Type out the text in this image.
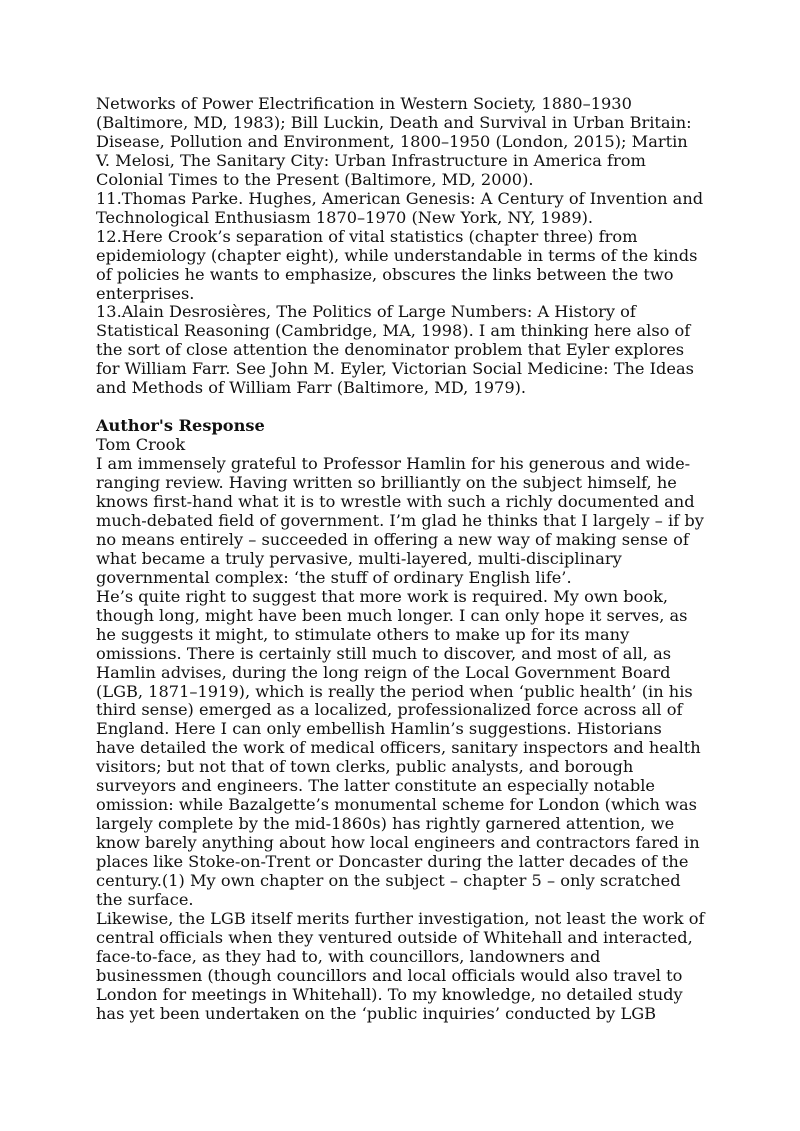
Networks of Power Electrification in Western Society, 1880–1930
(Baltimore, MD, 1983); Bill Luckin, Death and Survival in Urban Britain:
Disease, Pollution and Environment, 1800–1950 (London, 2015); Martin
V. Melosi, The Sanitary City: Urban Infrastructure in America from
Colonial Times to the Present (Baltimore, MD, 2000).

11.Thomas Parke. Hughes, American Genesis: A Century of Invention and
Technological Enthusiasm 1870–1970 (New York, NY, 1989).

12.Here Crook’s separation of vital statistics (chapter three) from
epidemiology (chapter eight), while understandable in terms of the kinds
of policies he wants to emphasize, obscures the links between the two
enterprises.

13.Alain Desrosières, The Politics of Large Numbers: A History of
Statistical Reasoning (Cambridge, MA, 1998). I am thinking here also of
the sort of close attention the denominator problem that Eyler explores
for William Farr. See John M. Eyler, Victorian Social Medicine: The Ideas
and Methods of William Farr (Baltimore, MD, 1979).

Author's Response

Tom Crook

I am immensely grateful to Professor Hamlin for his generous and wide-
ranging review. Having written so brilliantly on the subject himself, he
knows first-hand what it is to wrestle with such a richly documented and
much-debated field of government. I’m glad he thinks that I largely – if by
no means entirely – succeeded in offering a new way of making sense of
what became a truly pervasive, multi-layered, multi-disciplinary
governmental complex: ‘the stuff of ordinary English life’.

He’s quite right to suggest that more work is required. My own book,
though long, might have been much longer. I can only hope it serves, as
he suggests it might, to stimulate others to make up for its many
omissions. There is certainly still much to discover, and most of all, as
Hamlin advises, during the long reign of the Local Government Board
(LGB, 1871–1919), which is really the period when ‘public health’ (in his
third sense) emerged as a localized, professionalized force across all of
England. Here I can only embellish Hamlin’s suggestions. Historians
have detailed the work of medical officers, sanitary inspectors and health
visitors; but not that of town clerks, public analysts, and borough
surveyors and engineers. The latter constitute an especially notable
omission: while Bazalgette’s monumental scheme for London (which was
largely complete by the mid-1860s) has rightly garnered attention, we
know barely anything about how local engineers and contractors fared in
places like Stoke-on-Trent or Doncaster during the latter decades of the
century.(1) My own chapter on the subject – chapter 5 – only scratched
the surface.

Likewise, the LGB itself merits further investigation, not least the work of
central officials when they ventured outside of Whitehall and interacted,
face-to-face, as they had to, with councillors, landowners and
businessmen (though councillors and local officials would also travel to
London for meetings in Whitehall). To my knowledge, no detailed study
has yet been undertaken on the ‘public inquiries’ conducted by LGB
